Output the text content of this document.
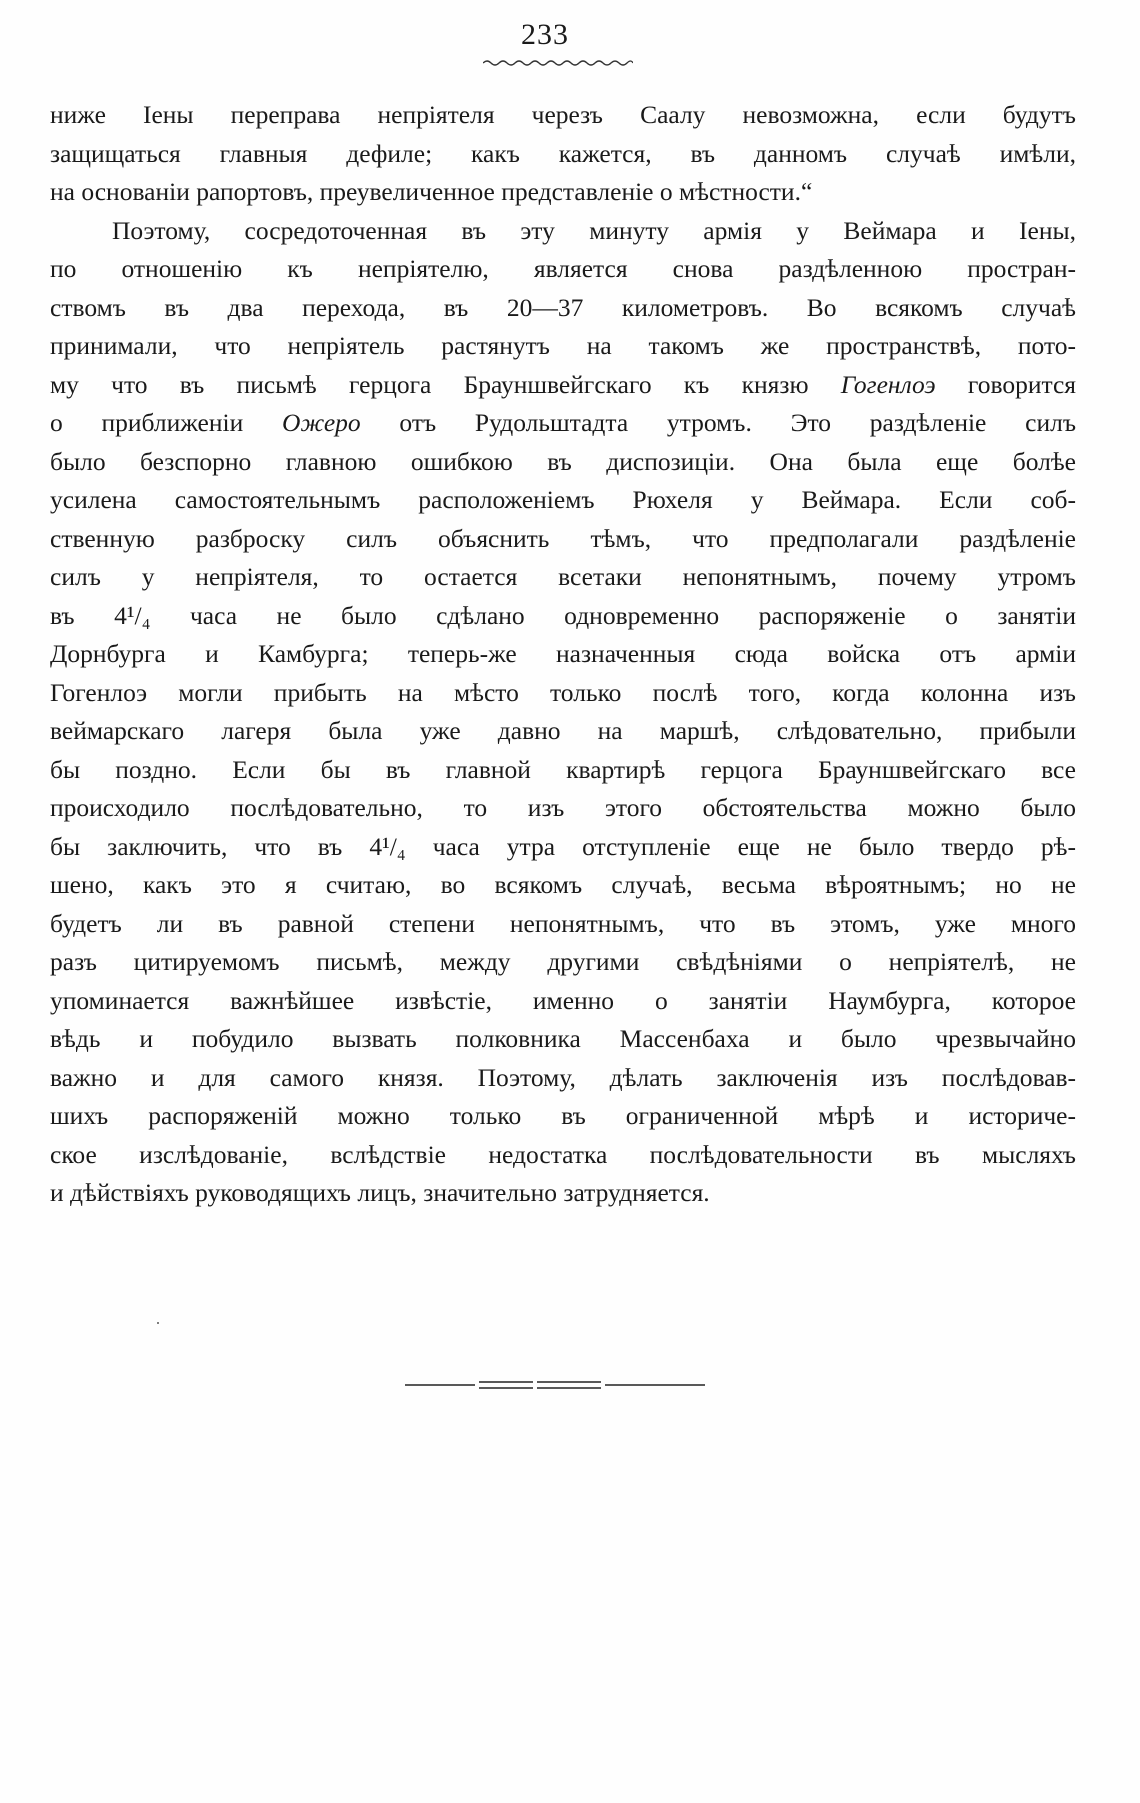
233
ниже Іены переправа непріятеля черезъ Саалу невозможна, если будутъ
защищаться главныя дефиле; какъ кажется, въ данномъ случаѣ имѣли,
на основаніи рапортовъ, преувеличенное представленіе о мѣстности.“
Поэтому, сосредоточенная въ эту минуту армія у Веймара и Іены,
по отношенію къ непріятелю, является снова раздѣленною простран-
ствомъ въ два перехода, въ 20—37 километровъ. Во всякомъ случаѣ
принимали, что непріятель растянутъ на такомъ же пространствѣ, пото-
му что въ письмѣ герцога Брауншвейгскаго къ князю Гогенлоэ говорится
о приближеніи Ожеро отъ Рудольштадта утромъ. Это раздѣленіе силъ
было безспорно главною ошибкою въ диспозиціи. Она была еще болѣе
усилена самостоятельнымъ расположеніемъ Рюхеля у Веймара. Если соб-
ственную разброску силъ объяснить тѣмъ, что предполагали раздѣленіе
силъ у непріятеля, то остается всетаки непонятнымъ, почему утромъ
въ 4¹/₄ часа не было сдѣлано одновременно распоряженіе о занятіи
Дорнбурга и Камбурга; теперь-же назначенныя сюда войска отъ арміи
Гогенлоэ могли прибыть на мѣсто только послѣ того, когда колонна изъ
веймарскаго лагеря была уже давно на маршѣ, слѣдовательно, прибыли
бы поздно. Если бы въ главной квартирѣ герцога Брауншвейгскаго все
происходило послѣдовательно, то изъ этого обстоятельства можно было
бы заключить, что въ 4¹/₄ часа утра отступленіе еще не было твердо рѣ-
шено, какъ это я считаю, во всякомъ случаѣ, весьма вѣроятнымъ; но не
будетъ ли въ равной степени непонятнымъ, что въ этомъ, уже много
разъ цитируемомъ письмѣ, между другими свѣдѣніями о непріятелѣ, не
упоминается важнѣйшее извѣстіе, именно о занятіи Наумбурга, которое
вѣдь и побудило вызвать полковника Массенбаха и было чрезвычайно
важно и для самого князя. Поэтому, дѣлать заключенія изъ послѣдовав-
шихъ распоряженій можно только въ ограниченной мѣрѣ и историче-
ское изслѣдованіе, вслѣдствіе недостатка послѣдовательности въ мысляхъ
и дѣйствіяхъ руководящихъ лицъ, значительно затрудняется.
